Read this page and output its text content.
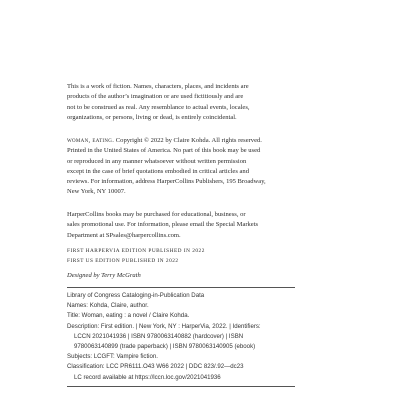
This is a work of fiction. Names, characters, places, and incidents are
products of the author’s imagination or are used fictitiously and are
not to be construed as real. Any resemblance to actual events, locales,
organizations, or persons, living or dead, is entirely coincidental.

woman, eating. Copyright © 2022 by Claire Kohda. All rights reserved.
Printed in the United States of America. No part of this book may be used
or reproduced in any manner whatsoever without written permission
except in the case of brief quotations embodied in critical articles and
reviews. For information, address HarperCollins Publishers, 195 Broadway,
New York, NY 10007.

HarperCollins books may be purchased for educational, business, or
sales promotional use. For information, please email the Special Markets
Department at SPsales@harpercollins.com.

FIRST HARPERVIA EDITION PUBLISHED IN 2022
FIRST US EDITION PUBLISHED IN 2022

Designed by Terry McGrath

Library of Congress Cataloging-in-Publication Data
Names: Kohda, Claire, author.
Title: Woman, eating : a novel / Claire Kohda.
Description: First edition. | New York, NY : HarperVia, 2022. | Identifiers:
LCCN 2021041936 | ISBN 9780063140882 (hardcover) | ISBN
9780063140899 (trade paperback) | ISBN 9780063140905 (ebook)
Subjects: LCGFT: Vampire fiction.
Classification: LCC PR6111.O43 W66 2022 | DDC 823/.92—dc23
LC record available at https://lccn.loc.gov/2021041936
